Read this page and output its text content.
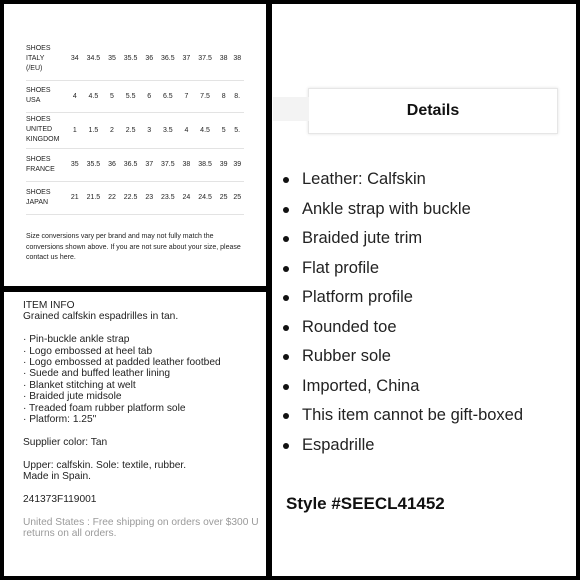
SHOES
ITALY
(/EU)	34	34.5	35	35.5	36	36.5	37	37.5	38	38
SHOES
USA	4	4.5	5	5.5	6	6.5	7	7.5	8	8.
SHOES
UNITED
KINGDOM	1	1.5	2	2.5	3	3.5	4	4.5	5	5.
SHOES
FRANCE	35	35.5	36	36.5	37	37.5	38	38.5	39	39
SHOES
JAPAN	21	21.5	22	22.5	23	23.5	24	24.5	25	25
Size conversions vary per brand and may not fully match the conversions shown above. If you are not sure about your size, please contact us here.
ITEM INFO
Grained calfskin espadrilles in tan.
· Pin-buckle ankle strap
· Logo embossed at heel tab
· Logo embossed at padded leather footbed
· Suede and buffed leather lining
· Blanket stitching at welt
· Braided jute midsole
· Treaded foam rubber platform sole
· Platform: 1.25"
Supplier color: Tan
Upper: calfskin. Sole: textile, rubber.
Made in Spain.
241373F119001
United States : Free shipping on orders over $300 U
returns on all orders.
Details
Leather: Calfskin
Ankle strap with buckle
Braided jute trim
Flat profile
Platform profile
Rounded toe
Rubber sole
Imported, China
This item cannot be gift-boxed
Espadrille
Style #SEECL41452
